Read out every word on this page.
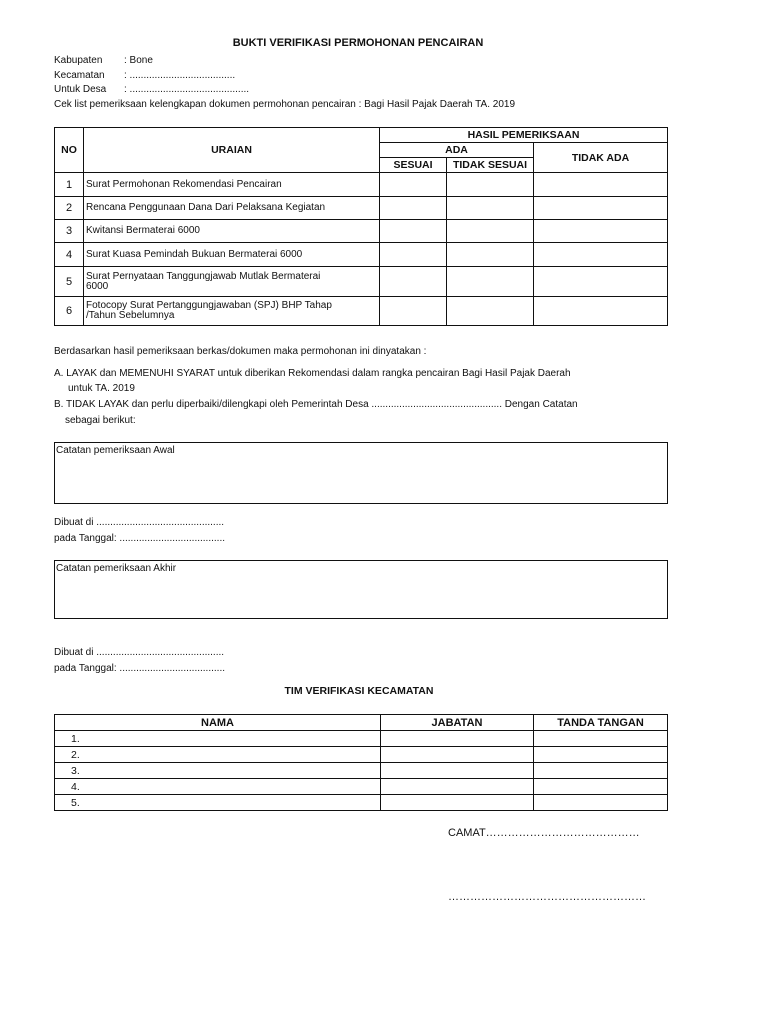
BUKTI VERIFIKASI PERMOHONAN PENCAIRAN
Kabupaten : Bone
Kecamatan : ......................................
Untuk Desa : ...........................................
Cek list pemeriksaan kelengkapan dokumen permohonan pencairan : Bagi Hasil Pajak Daerah TA. 2019
NO	URAIAN	HASIL PEMERIKSAAN		
		ADA		TIDAK ADA
		SESUAI	TIDAK SESUAI	
1	Surat Permohonan Rekomendasi Pencairan			
2	Rencana Penggunaan Dana Dari Pelaksana Kegiatan			
3	Kwitansi Bermaterai 6000			
4	Surat Kuasa Pemindah Bukuan Bermaterai 6000			
5	Surat Pernyataan Tanggungjawab Mutlak Bermaterai
6000			

6	Fotocopy Surat Pertanggungjawaban (SPJ) BHP Tahap
/Tahun Sebelumnya			

Berdasarkan hasil pemeriksaan berkas/dokumen maka permohonan ini dinyatakan :
A. LAYAK dan MEMENUHI SYARAT untuk diberikan Rekomendasi dalam rangka pencairan Bagi Hasil Pajak Daerah
untuk TA. 2019
B. TIDAK LAYAK dan perlu diperbaiki/dilengkapi oleh Pemerintah Desa ............................................... Dengan Catatan
sebagai berikut:
Catatan pemeriksaan Awal
Dibuat di ..............................................
pada Tanggal: ......................................
Catatan pemeriksaan Akhir
Dibuat di ..............................................
pada Tanggal: ......................................
TIM VERIFIKASI KECAMATAN
NAMA	JABATAN	TANDA TANGAN
1.		
2.		
3.		
4.		
5.		
CAMAT……………………………………
………………………………………………
